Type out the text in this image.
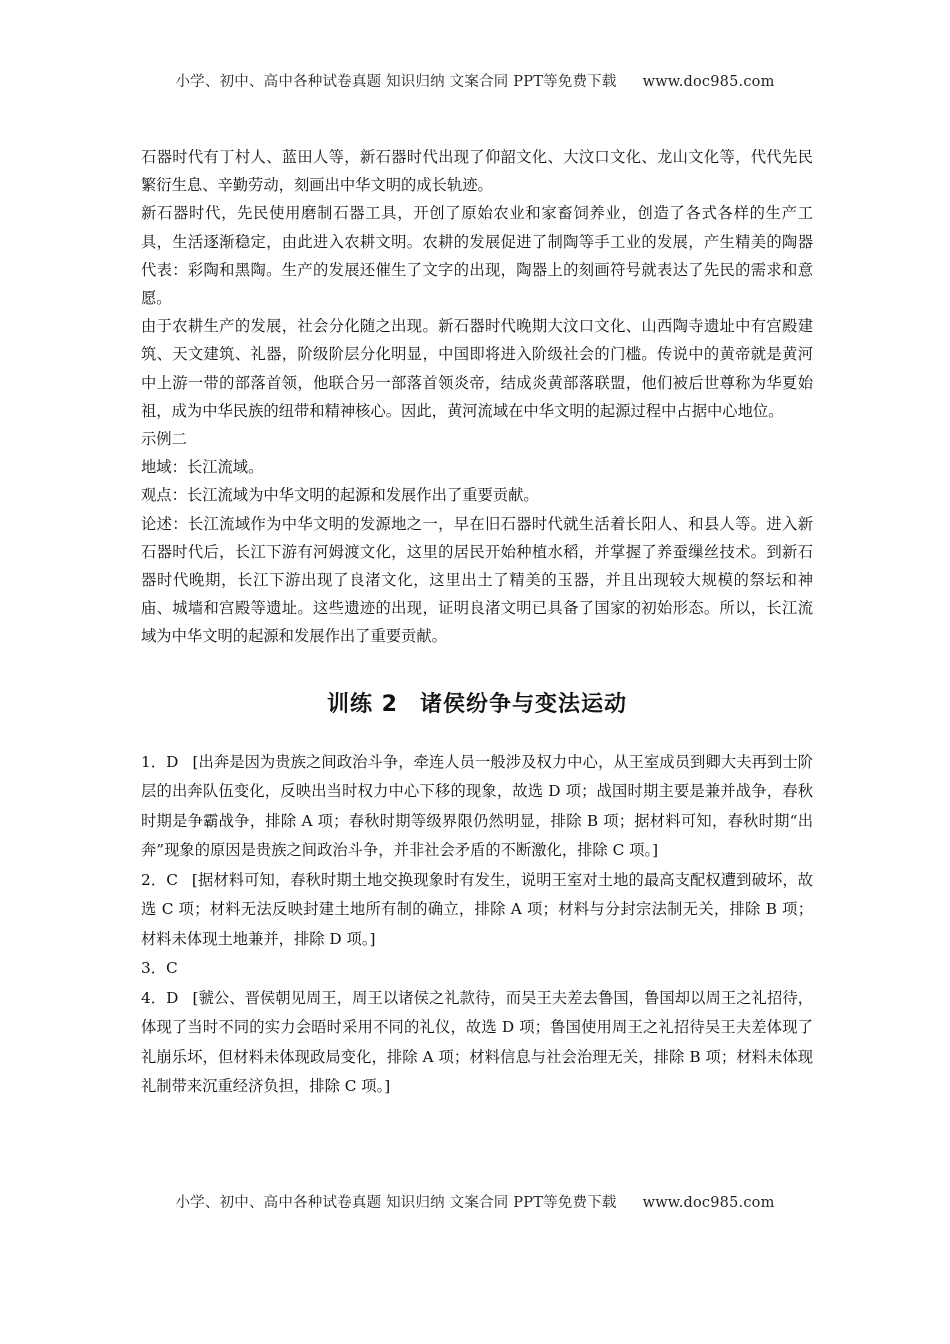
小学、初中、高中各种试卷真题 知识归纳 文案合同 PPT等免费下载 www.doc985.com

石器时代有丁村人、蓝田人等，新石器时代出现了仰韶文化、大汶口文化、龙山文化等，代代先民繁衍生息、辛勤劳动，刻画出中华文明的成长轨迹。

新石器时代，先民使用磨制石器工具，开创了原始农业和家畜饲养业，创造了各式各样的生产工具，生活逐渐稳定，由此进入农耕文明。农耕的发展促进了制陶等手工业的发展，产生精美的陶器代表：彩陶和黑陶。生产的发展还催生了文字的出现，陶器上的刻画符号就表达了先民的需求和意愿。

由于农耕生产的发展，社会分化随之出现。新石器时代晚期大汶口文化、山西陶寺遗址中有宫殿建筑、天文建筑、礼器，阶级阶层分化明显，中国即将进入阶级社会的门槛。传说中的黄帝就是黄河中上游一带的部落首领，他联合另一部落首领炎帝，结成炎黄部落联盟，他们被后世尊称为华夏始祖，成为中华民族的纽带和精神核心。因此，黄河流域在中华文明的起源过程中占据中心地位。

示例二

地域：长江流域。

观点：长江流域为中华文明的起源和发展作出了重要贡献。

论述：长江流域作为中华文明的发源地之一，早在旧石器时代就生活着长阳人、和县人等。进入新石器时代后，长江下游有河姆渡文化，这里的居民开始种植水稻，并掌握了养蚕缫丝技术。到新石器时代晚期，长江下游出现了良渚文化，这里出土了精美的玉器，并且出现较大规模的祭坛和神庙、城墙和宫殿等遗址。这些遗迹的出现，证明良渚文明已具备了国家的初始形态。所以，长江流域为中华文明的起源和发展作出了重要贡献。

训练 2 诸侯纷争与变法运动

1．D [出奔是因为贵族之间政治斗争，牵连人员一般涉及权力中心，从王室成员到卿大夫再到士阶层的出奔队伍变化，反映出当时权力中心下移的现象，故选 D 项；战国时期主要是兼并战争，春秋时期是争霸战争，排除 A 项；春秋时期等级界限仍然明显，排除 B 项；据材料可知，春秋时期“出奔”现象的原因是贵族之间政治斗争，并非社会矛盾的不断激化，排除 C 项。]

2．C [据材料可知，春秋时期土地交换现象时有发生，说明王室对土地的最高支配权遭到破坏，故选 C 项；材料无法反映封建土地所有制的确立，排除 A 项；材料与分封宗法制无关，排除 B 项；材料未体现土地兼并，排除 D 项。]

3．C

4．D [虢公、晋侯朝见周王，周王以诸侯之礼款待，而吴王夫差去鲁国，鲁国却以周王之礼招待，体现了当时不同的实力会晤时采用不同的礼仪，故选 D 项；鲁国使用周王之礼招待吴王夫差体现了礼崩乐坏，但材料未体现政局变化，排除 A 项；材料信息与社会治理无关，排除 B 项；材料未体现礼制带来沉重经济负担，排除 C 项。]

小学、初中、高中各种试卷真题 知识归纳 文案合同 PPT等免费下载 www.doc985.com
